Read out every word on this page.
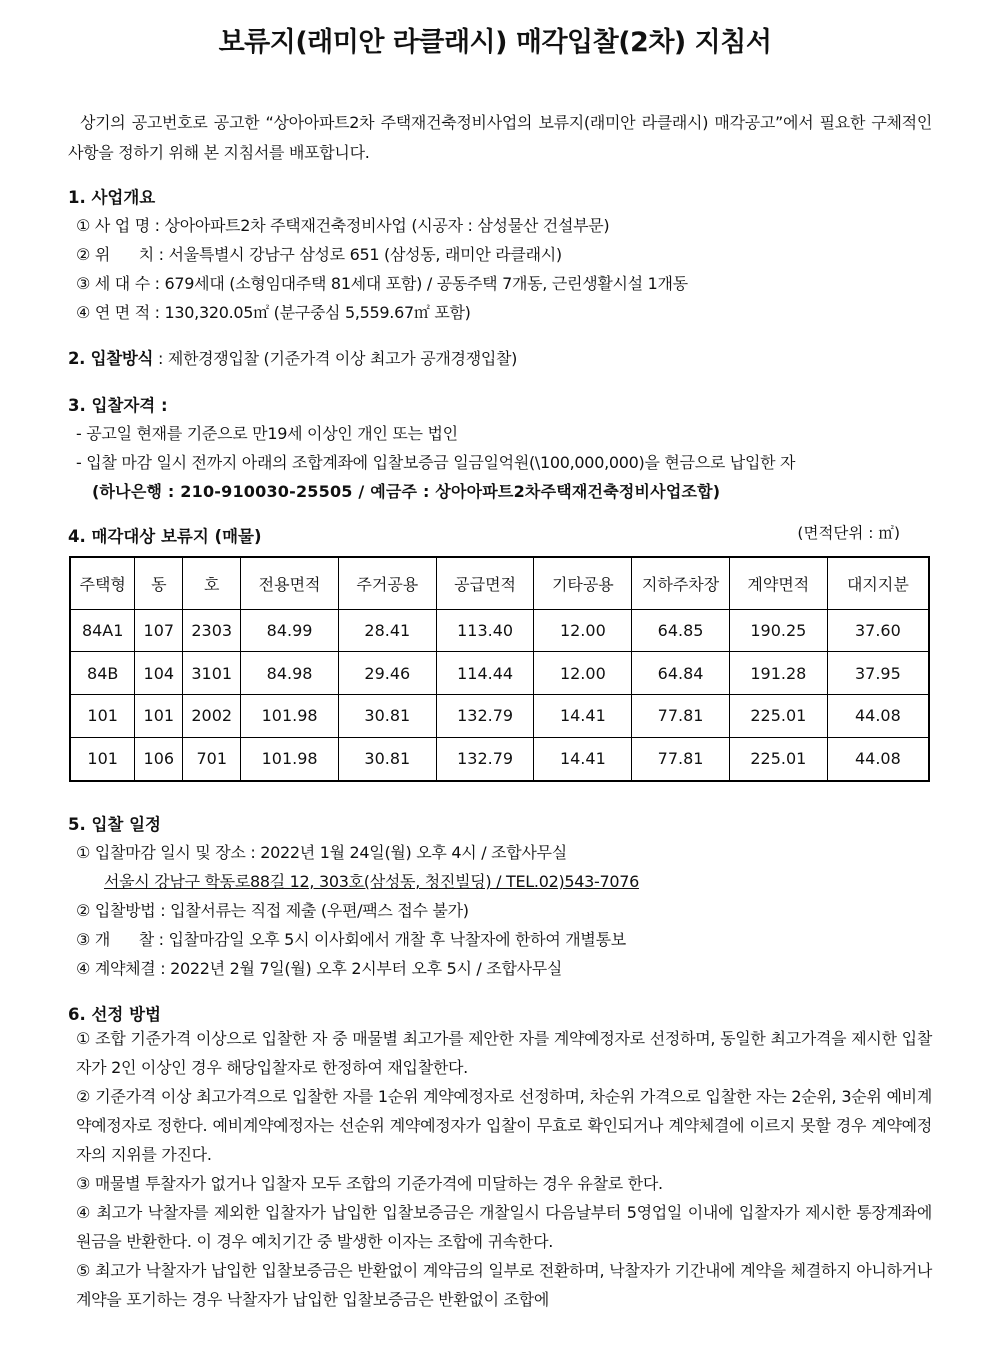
보류지(래미안 라클래시) 매각입찰(2차) 지침서
상기의 공고번호로 공고한 “상아아파트2차 주택재건축정비사업의 보류지(래미안 라클래시) 매각공고”에서 필요한 구체적인 사항을 정하기 위해 본 지침서를 배포합니다.
1. 사업개요
① 사 업 명 : 상아아파트2차 주택재건축정비사업 (시공자 : 삼성물산 건설부문)
② 위      치 : 서울특별시 강남구 삼성로 651 (삼성동, 래미안 라클래시)
③ 세 대 수 : 679세대 (소형임대주택 81세대 포함) / 공동주택 7개동, 근린생활시설 1개동
④ 연 면 적 : 130,320.05㎡ (분구중심 5,559.67㎡ 포함)
2. 입찰방식 : 제한경쟁입찰 (기준가격 이상 최고가 공개경쟁입찰)
3. 입찰자격 :
- 공고일 현재를 기준으로 만19세 이상인 개인 또는 법인
- 입찰 마감 일시 전까지 아래의 조합계좌에 입찰보증금 일금일억원(\100,000,000)을 현금으로 납입한 자
(하나은행 : 210-910030-25505 / 예금주 : 상아아파트2차주택재건축정비사업조합)
4. 매각대상 보류지 (매물)	(면적단위 : ㎡)
주택형	동	호	전용면적	주거공용	공급면적	기타공용	지하주차장	계약면적	대지지분
84A1	107	2303	84.99	28.41	113.40	12.00	64.85	190.25	37.60
84B	104	3101	84.98	29.46	114.44	12.00	64.84	191.28	37.95
101	101	2002	101.98	30.81	132.79	14.41	77.81	225.01	44.08
101	106	701	101.98	30.81	132.79	14.41	77.81	225.01	44.08
5. 입찰 일정
① 입찰마감 일시 및 장소 : 2022년 1월 24일(월) 오후 4시 / 조합사무실
서울시 강남구 학동로88길 12, 303호(삼성동, 청진빌딩) / TEL.02)543-7076
② 입찰방법 : 입찰서류는 직접 제출 (우편/팩스 접수 불가)
③ 개      찰 : 입찰마감일 오후 5시 이사회에서 개찰 후 낙찰자에 한하여 개별통보
④ 계약체결 : 2022년 2월 7일(월) 오후 2시부터 오후 5시 / 조합사무실
6. 선정 방법
① 조합 기준가격 이상으로 입찰한 자 중 매물별 최고가를 제안한 자를 계약예정자로 선정하며, 동일한 최고가격을 제시한 입찰자가 2인 이상인 경우 해당입찰자로 한정하여 재입찰한다.
② 기준가격 이상 최고가격으로 입찰한 자를 1순위 계약예정자로 선정하며, 차순위 가격으로 입찰한 자는 2순위, 3순위 예비계약예정자로 정한다. 예비계약예정자는 선순위 계약예정자가 입찰이 무효로 확인되거나 계약체결에 이르지 못할 경우 계약예정자의 지위를 가진다.
③ 매물별 투찰자가 없거나 입찰자 모두 조합의 기준가격에 미달하는 경우 유찰로 한다.
④ 최고가 낙찰자를 제외한 입찰자가 납입한 입찰보증금은 개찰일시 다음날부터 5영업일 이내에 입찰자가 제시한 통장계좌에 원금을 반환한다. 이 경우 예치기간 중 발생한 이자는 조합에 귀속한다.
⑤ 최고가 낙찰자가 납입한 입찰보증금은 반환없이 계약금의 일부로 전환하며, 낙찰자가 기간내에 계약을 체결하지 아니하거나 계약을 포기하는 경우 낙찰자가 납입한 입찰보증금은 반환없이 조합에
